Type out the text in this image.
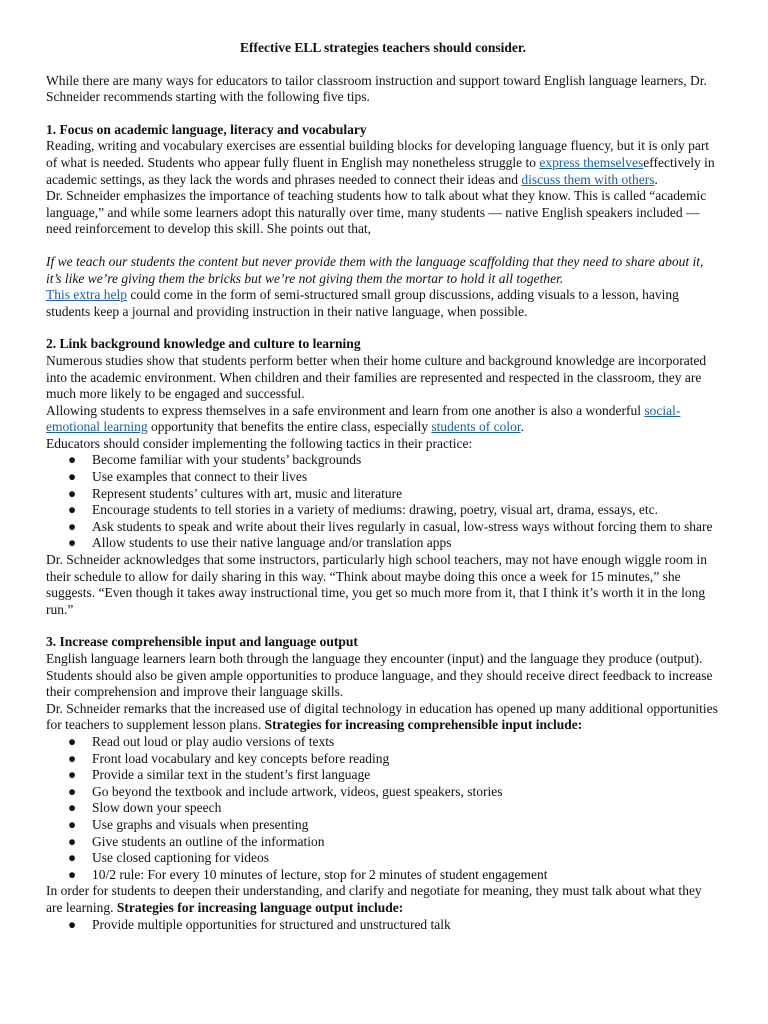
Effective ELL strategies teachers should consider.

While there are many ways for educators to tailor classroom instruction and support toward English language learners, Dr. Schneider recommends starting with the following five tips.

1. Focus on academic language, literacy and vocabulary

Reading, writing and vocabulary exercises are essential building blocks for developing language fluency, but it is only part of what is needed. Students who appear fully fluent in English may nonetheless struggle to express themselveseffectively in academic settings, as they lack the words and phrases needed to connect their ideas and discuss them with others.

Dr. Schneider emphasizes the importance of teaching students how to talk about what they know. This is called “academic language,” and while some learners adopt this naturally over time, many students — native English speakers included — need reinforcement to develop this skill. She points out that,

If we teach our students the content but never provide them with the language scaffolding that they need to share about it, it’s like we’re giving them the bricks but we’re not giving them the mortar to hold it all together.

This extra help could come in the form of semi-structured small group discussions, adding visuals to a lesson, having students keep a journal and providing instruction in their native language, when possible.

2. Link background knowledge and culture to learning

Numerous studies show that students perform better when their home culture and background knowledge are incorporated into the academic environment. When children and their families are represented and respected in the classroom, they are much more likely to be engaged and successful.

Allowing students to express themselves in a safe environment and learn from one another is also a wonderful social-emotional learning opportunity that benefits the entire class, especially students of color.

Educators should consider implementing the following tactics in their practice:

● Become familiar with your students’ backgrounds
● Use examples that connect to their lives
● Represent students’ cultures with art, music and literature
● Encourage students to tell stories in a variety of mediums: drawing, poetry, visual art, drama, essays, etc.
● Ask students to speak and write about their lives regularly in casual, low-stress ways without forcing them to share
● Allow students to use their native language and/or translation apps

Dr. Schneider acknowledges that some instructors, particularly high school teachers, may not have enough wiggle room in their schedule to allow for daily sharing in this way. “Think about maybe doing this once a week for 15 minutes,” she suggests. “Even though it takes away instructional time, you get so much more from it, that I think it’s worth it in the long run.”

3. Increase comprehensible input and language output

English language learners learn both through the language they encounter (input) and the language they produce (output). Students should also be given ample opportunities to produce language, and they should receive direct feedback to increase their comprehension and improve their language skills.

Dr. Schneider remarks that the increased use of digital technology in education has opened up many additional opportunities for teachers to supplement lesson plans. Strategies for increasing comprehensible input include:

● Read out loud or play audio versions of texts
● Front load vocabulary and key concepts before reading
● Provide a similar text in the student’s first language
● Go beyond the textbook and include artwork, videos, guest speakers, stories
● Slow down your speech
● Use graphs and visuals when presenting
● Give students an outline of the information
● Use closed captioning for videos
● 10/2 rule: For every 10 minutes of lecture, stop for 2 minutes of student engagement

In order for students to deepen their understanding, and clarify and negotiate for meaning, they must talk about what they are learning. Strategies for increasing language output include:

● Provide multiple opportunities for structured and unstructured talk
